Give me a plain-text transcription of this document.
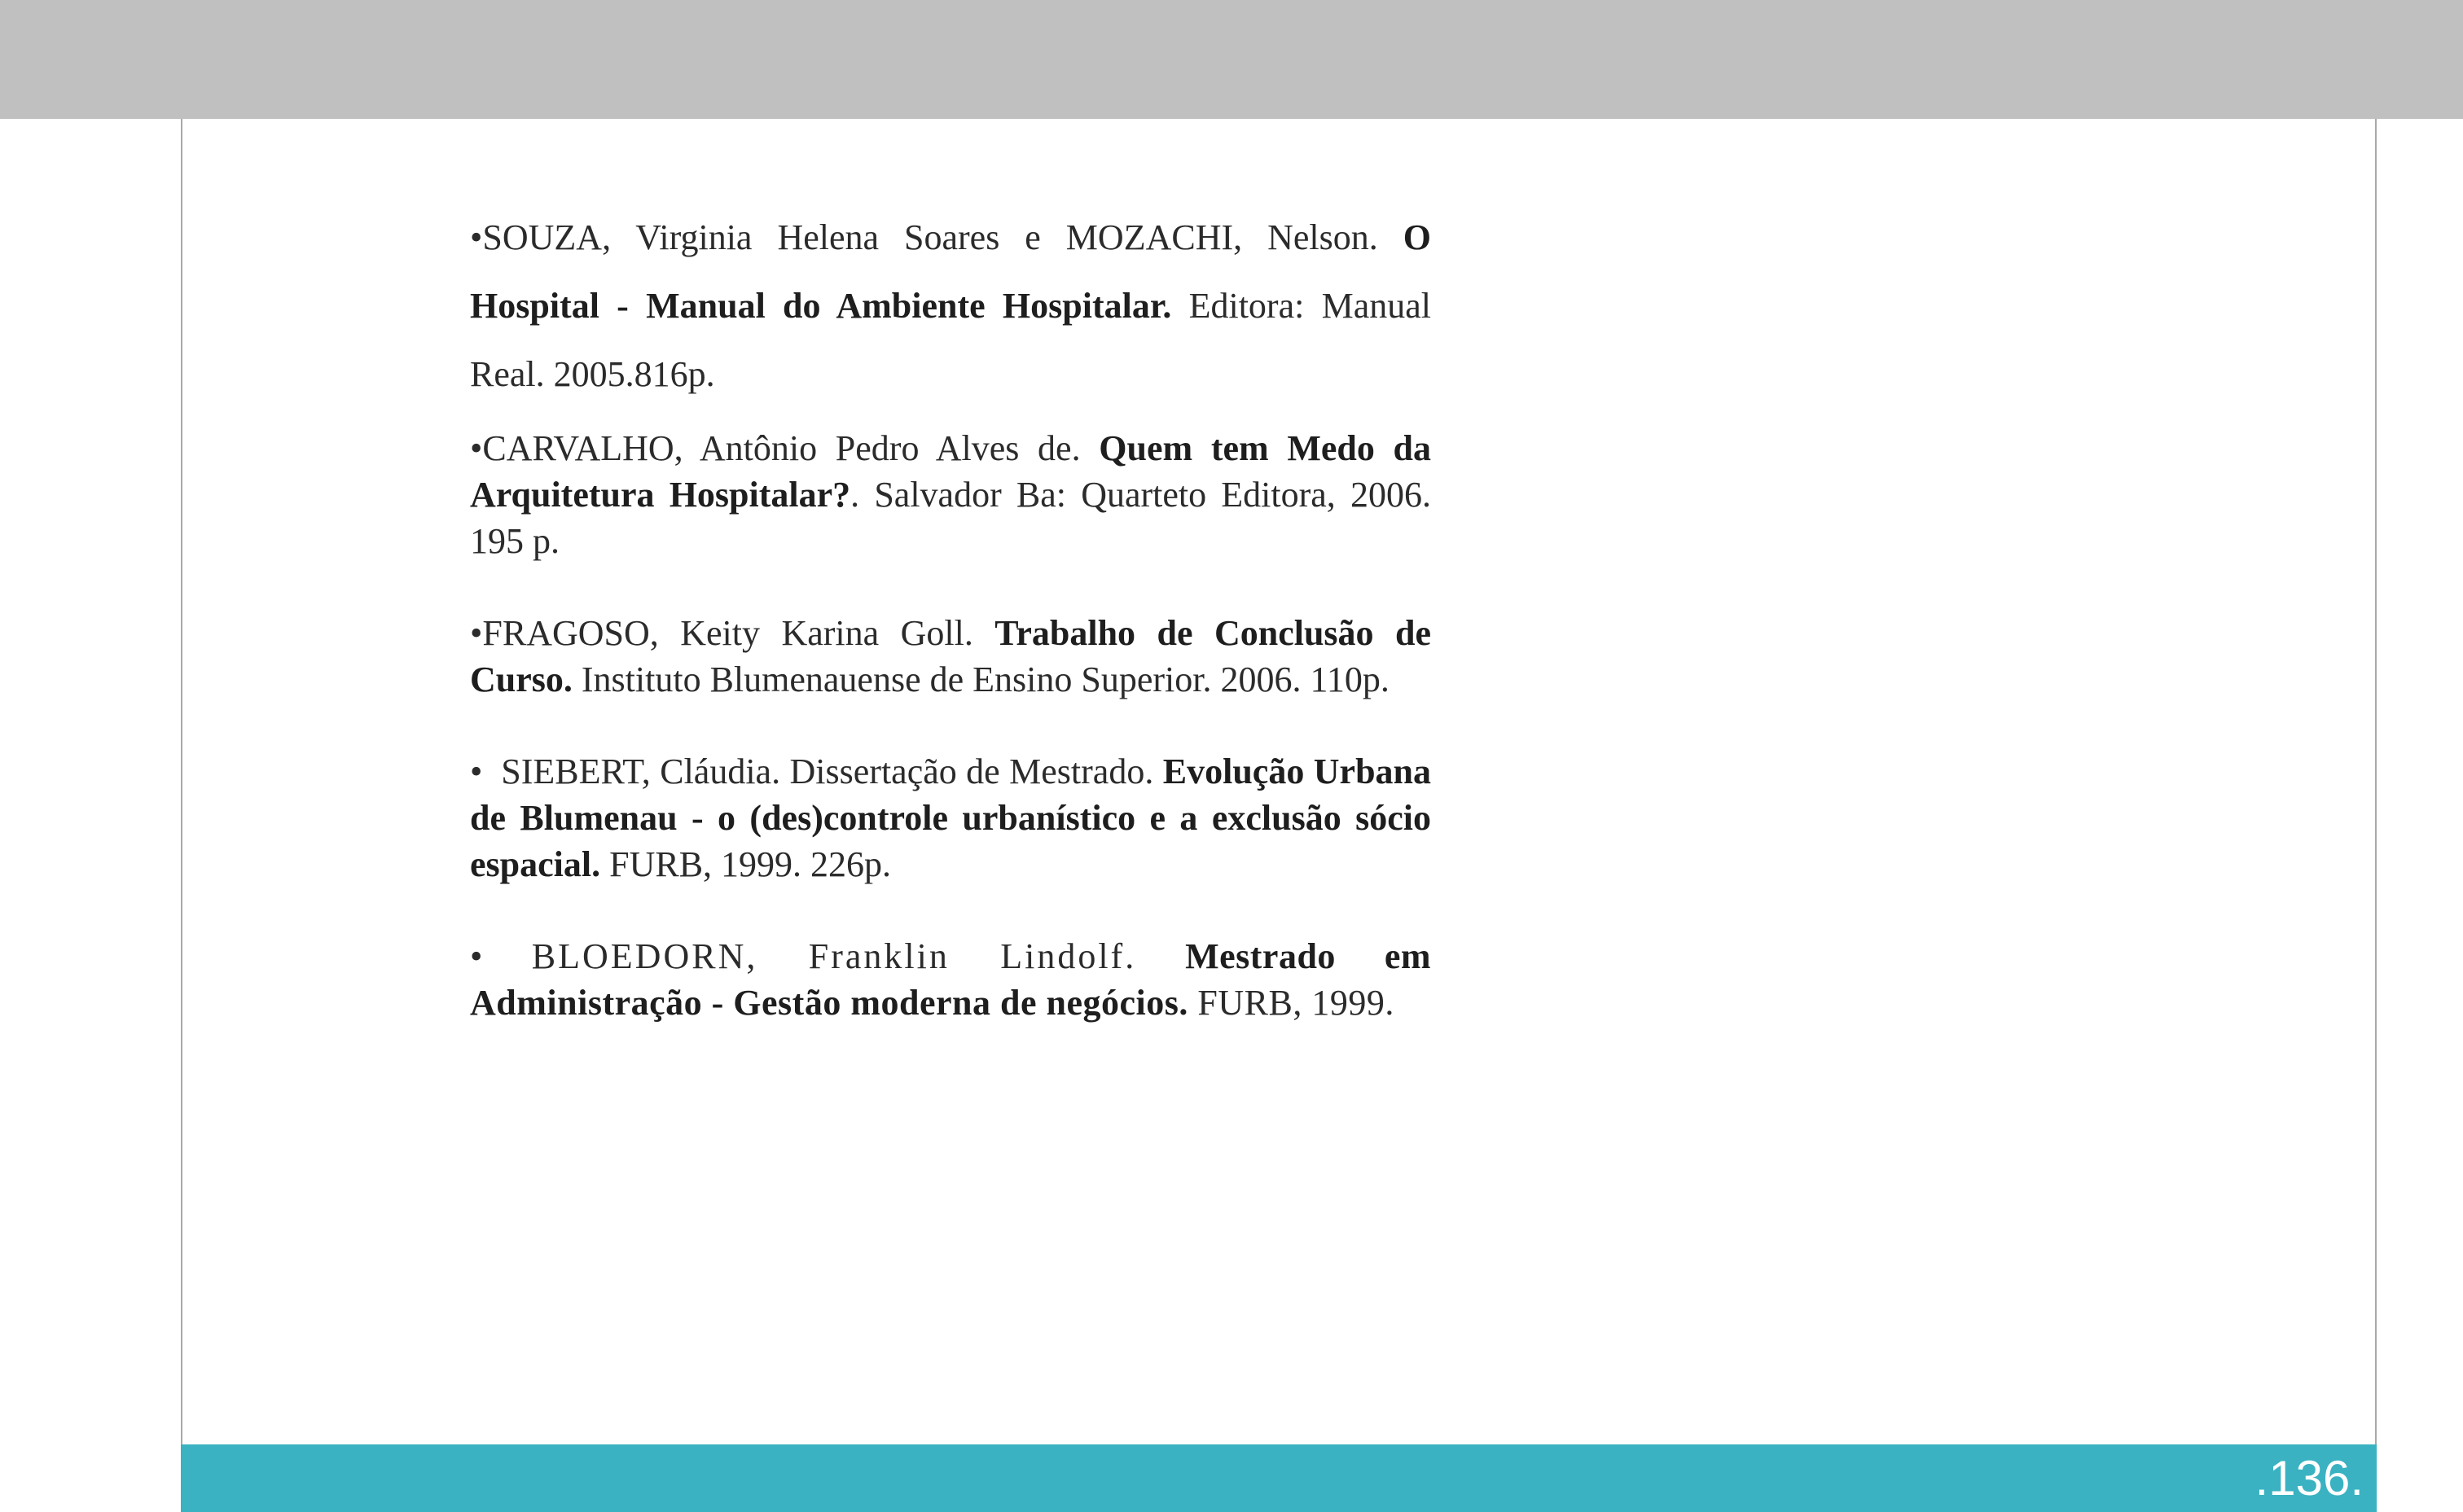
•SOUZA, Virginia Helena Soares e MOZACHI, Nelson. O Hospital - Manual do Ambiente Hospitalar. Editora: Manual Real. 2005.816p.

•CARVALHO, Antônio Pedro Alves de. Quem tem Medo da Arquitetura Hospitalar?. Salvador Ba: Quarteto Editora, 2006. 195 p.

•FRAGOSO, Keity Karina Goll. Trabalho de Conclusão de Curso. Instituto Blumenauense de Ensino Superior. 2006. 110p.

• SIEBERT, Cláudia. Dissertação de Mestrado. Evolução Urbana de Blumenau - o (des)controle urbanístico e a exclusão sócio espacial. FURB, 1999. 226p.

• BLOEDORN, Franklin Lindolf. Mestrado em Administração - Gestão moderna de negócios. FURB, 1999.

.136.
